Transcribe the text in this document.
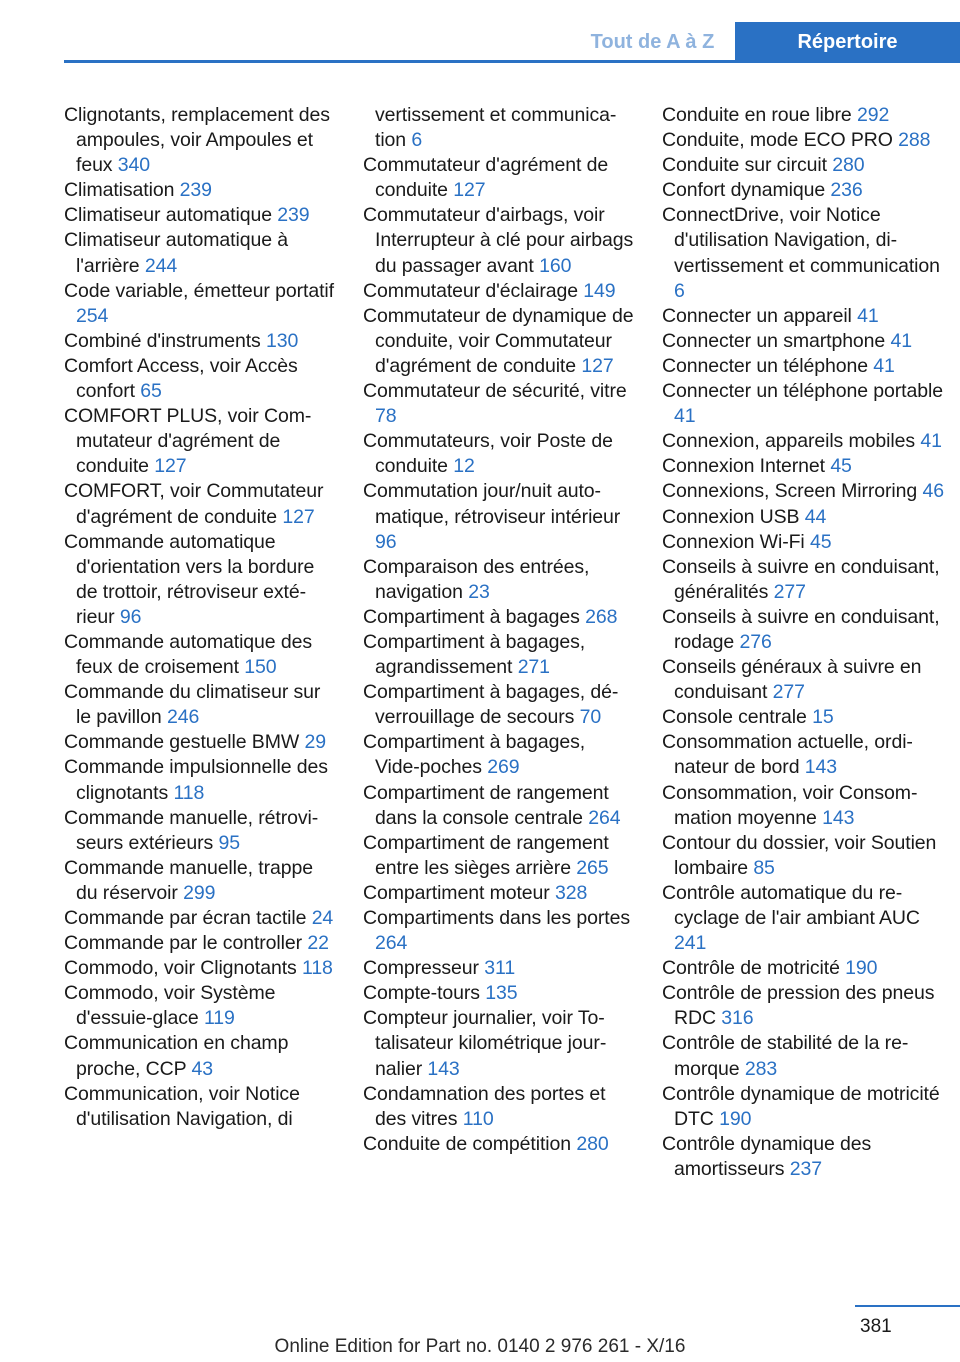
Tout de A à Z	Répertoire
Clignotants, remplacement des ampoules, voir Ampoules et feux 340
Climatisation 239
Climatiseur automatique 239
Climatiseur automatique à l'arrière 244
Code variable, émetteur portatif 254
Combiné d'instruments 130
Comfort Access, voir Accès confort 65
COMFORT PLUS, voir Commutateur d'agrément de conduite 127
COMFORT, voir Commutateur d'agrément de conduite 127
Commande automatique d'orientation vers la bordure de trottoir, rétroviseur extérieur 96
Commande automatique des feux de croisement 150
Commande du climatiseur sur le pavillon 246
Commande gestuelle BMW 29
Commande impulsionnelle des clignotants 118
Commande manuelle, rétroviseurs extérieurs 95
Commande manuelle, trappe du réservoir 299
Commande par écran tactile 24
Commande par le controller 22
Commodo, voir Clignotants 118
Commodo, voir Système d'essuie-glace 119
Communication en champ proche, CCP 43
Communication, voir Notice d'utilisation Navigation, di
vertissement et communication 6
Commutateur d'agrément de conduite 127
Commutateur d'airbags, voir Interrupteur à clé pour airbags du passager avant 160
Commutateur d'éclairage 149
Commutateur de dynamique de conduite, voir Commutateur d'agrément de conduite 127
Commutateur de sécurité, vitre 78
Commutateurs, voir Poste de conduite 12
Commutation jour/nuit automatique, rétroviseur intérieur 96
Comparaison des entrées, navigation 23
Compartiment à bagages 268
Compartiment à bagages, agrandissement 271
Compartiment à bagages, déverrouillage de secours 70
Compartiment à bagages, Vide-poches 269
Compartiment de rangement dans la console centrale 264
Compartiment de rangement entre les sièges arrière 265
Compartiment moteur 328
Compartiments dans les portes 264
Compresseur 311
Compte-tours 135
Compteur journalier, voir Totalisateur kilométrique journalier 143
Condamnation des portes et des vitres 110
Conduite de compétition 280
Conduite en roue libre 292
Conduite, mode ECO PRO 288
Conduite sur circuit 280
Confort dynamique 236
ConnectDrive, voir Notice d'utilisation Navigation, divertissement et communication 6
Connecter un appareil 41
Connecter un smartphone 41
Connecter un téléphone 41
Connecter un téléphone portable 41
Connexion, appareils mobiles 41
Connexion Internet 45
Connexions, Screen Mirroring 46
Connexion USB 44
Connexion Wi-Fi 45
Conseils à suivre en conduisant, généralités 277
Conseils à suivre en conduisant, rodage 276
Conseils généraux à suivre en conduisant 277
Console centrale 15
Consommation actuelle, ordinateur de bord 143
Consommation, voir Consommation moyenne 143
Contour du dossier, voir Soutien lombaire 85
Contrôle automatique du recyclage de l'air ambiant AUC 241
Contrôle de motricité 190
Contrôle de pression des pneus RDC 316
Contrôle de stabilité de la remorque 283
Contrôle dynamique de motricité DTC 190
Contrôle dynamique des amortisseurs 237
381
Online Edition for Part no. 0140 2 976 261 - X/16
